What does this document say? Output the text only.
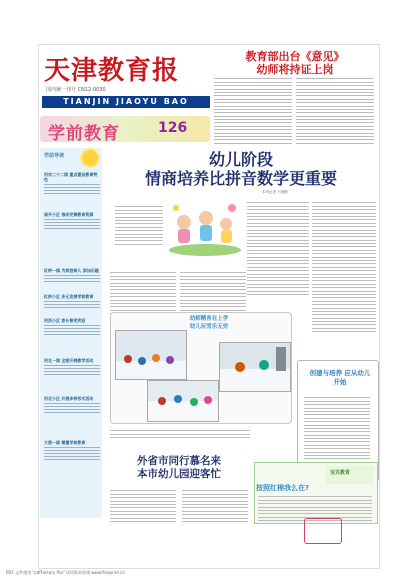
天津教育报
国内统一刊号 CN12-0030
TIANJIN JIAOYU BAO
教育部出台《意见》
幼师将持证上岗
学前教育	126
学前导读
河东二十二园 重点建设教育特色
南开小区 推动完善教育资源
红桥一园 为家庭育儿 添加乐趣
红桥小区 多元发展学前教育
河西小区 家长普受欢迎
河北一园 全面开展教学活动
河北小区 开展多种形式活动
大港一园 着重学前教育
幼儿阶段
情商培养比拼音数学更重要
本刊记者 王晓梅
幼师精育在上学
幼儿玩雪乐无穷
外省市同行慕名来
本市幼儿园迎客忙
创建与培养 应从幼儿开始
宝贝教育
按照红棉我么在?
PDF 文件使用 "pdfFactory Pro" 试用版本创建 www.fineprint.cn
